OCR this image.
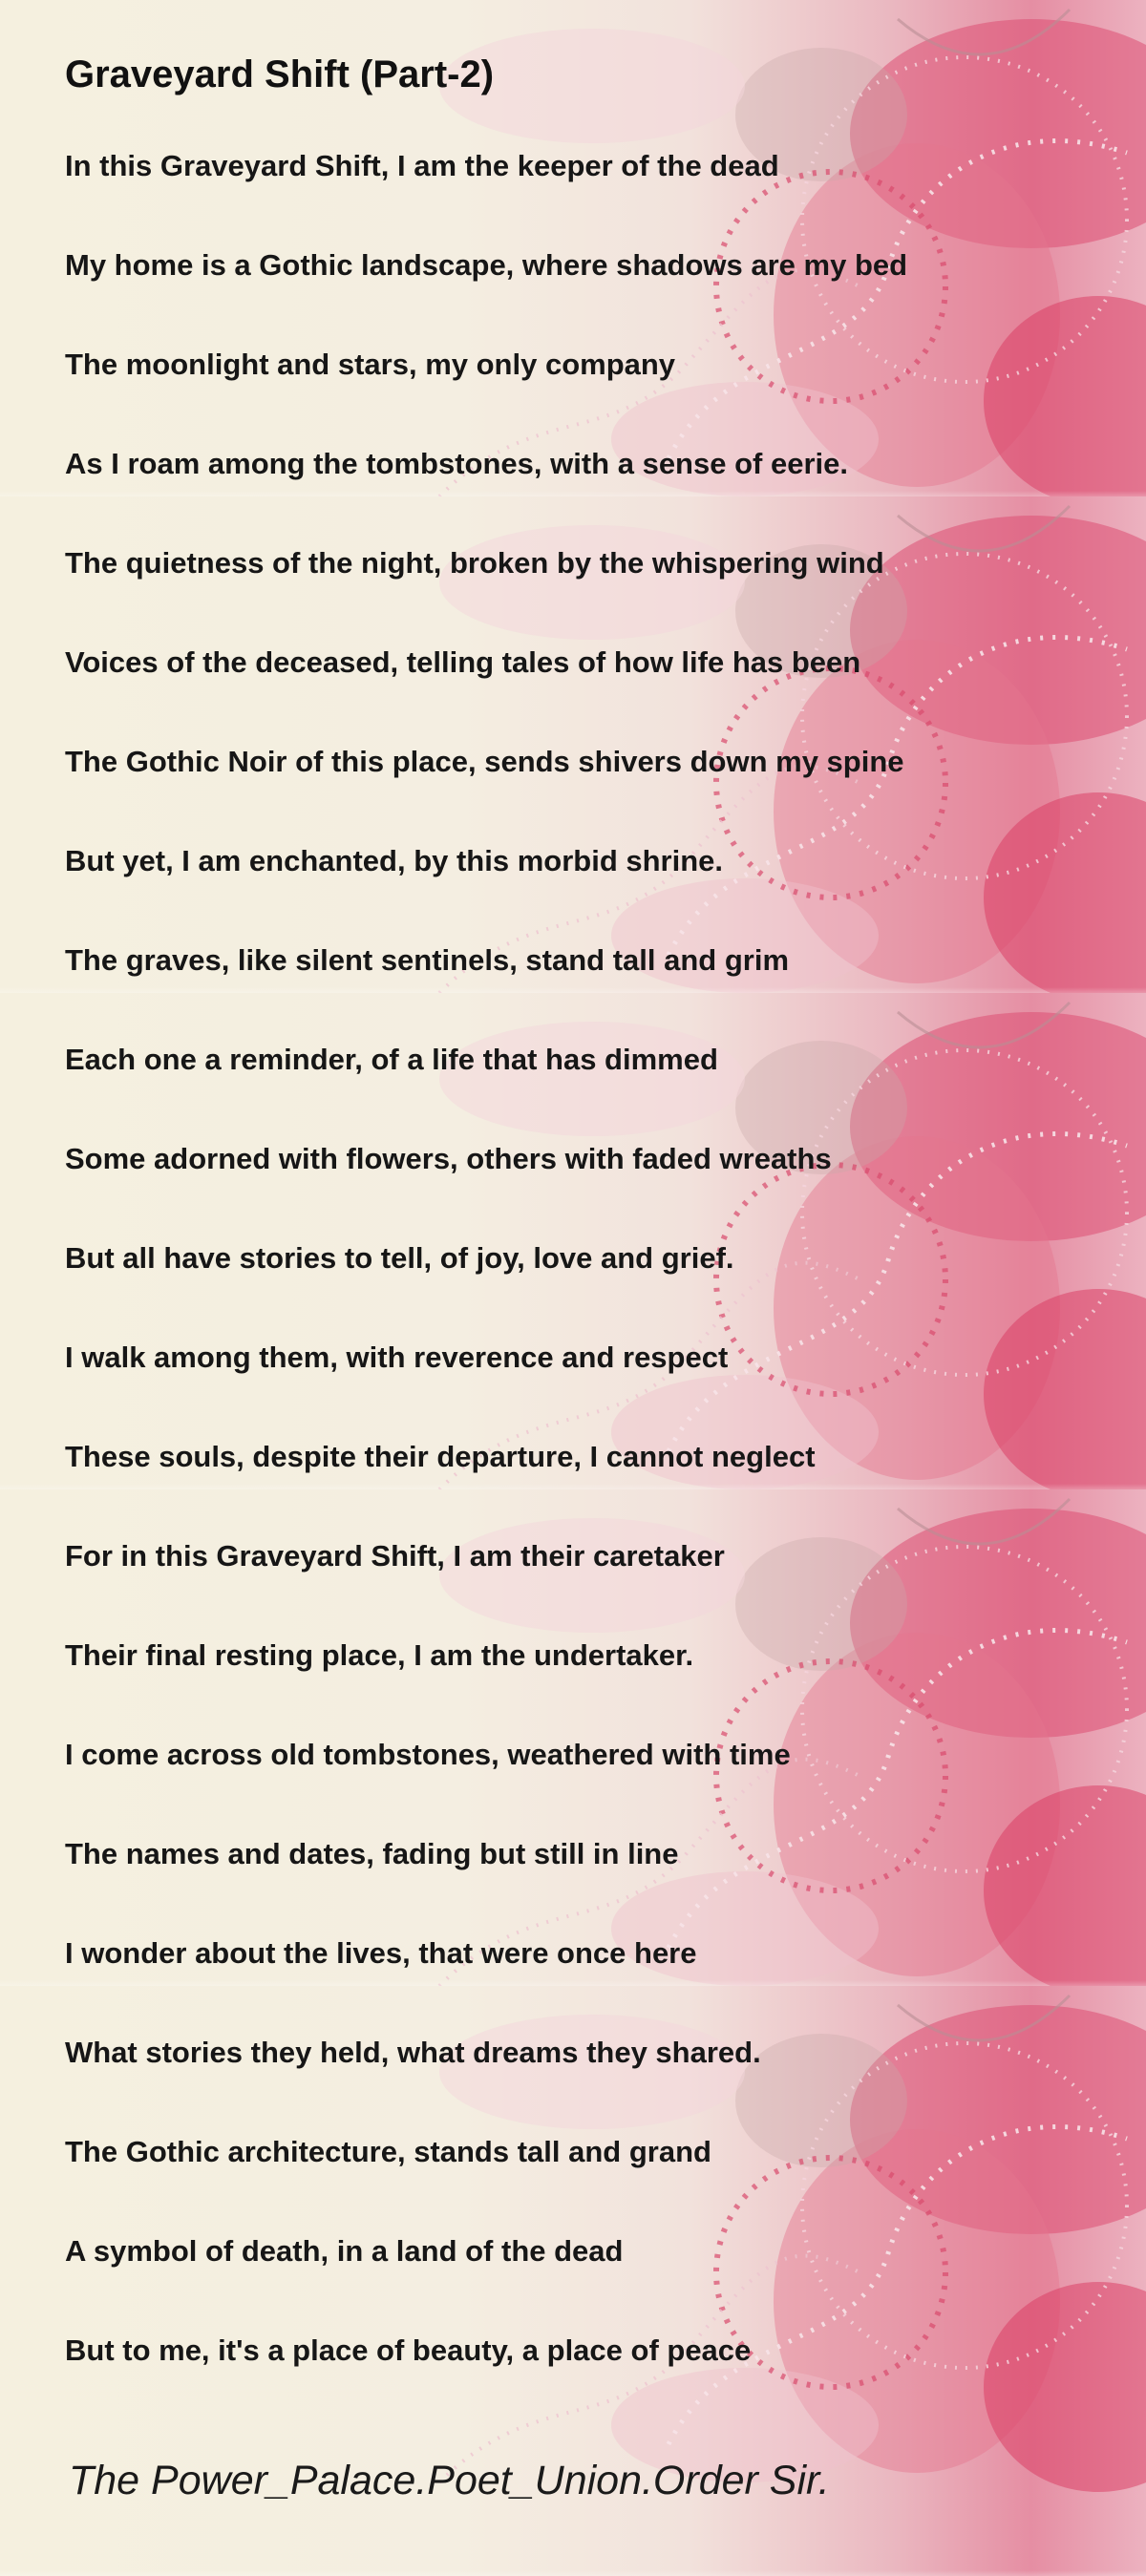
Graveyard Shift (Part-2)

In this Graveyard Shift, I am the keeper of the dead

My home is a Gothic landscape, where shadows are my bed

The moonlight and stars, my only company

As I roam among the tombstones, with a sense of eerie.

The quietness of the night, broken by the whispering wind

Voices of the deceased, telling tales of how life has been

The Gothic Noir of this place, sends shivers down my spine

But yet, I am enchanted, by this morbid shrine.

The graves, like silent sentinels, stand tall and grim

Each one a reminder, of a life that has dimmed

Some adorned with flowers, others with faded wreaths

But all have stories to tell, of joy, love and grief.

I walk among them, with reverence and respect

These souls, despite their departure, I cannot neglect

For in this Graveyard Shift, I am their caretaker

Their final resting place, I am the undertaker.

I come across old tombstones, weathered with time

The names and dates, fading but still in line

I wonder about the lives, that were once here

What stories they held, what dreams they shared.

The Gothic architecture, stands tall and grand

A symbol of death, in a land of the dead

But to me, it's a place of beauty, a place of peace

The Power_Palace.Poet_Union.Order Sir.
